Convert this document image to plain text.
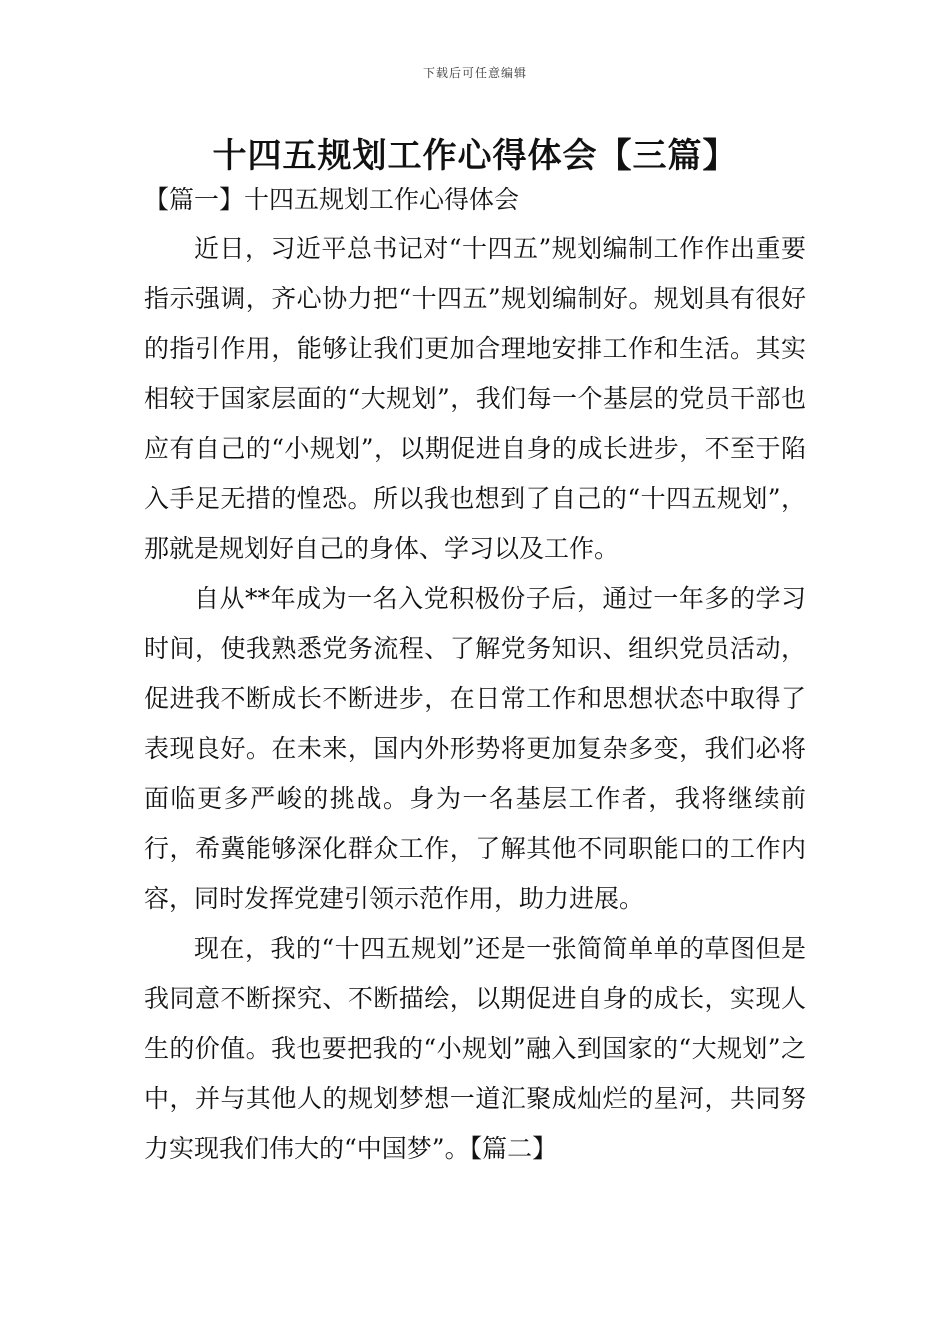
下载后可任意编辑
十四五规划工作心得体会【三篇】
【篇一】十四五规划工作心得体会

近日，习近平总书记对“十四五”规划编制工作作出重要指示强调，齐心协力把“十四五”规划编制好。规划具有很好的指引作用，能够让我们更加合理地安排工作和生活。其实相较于国家层面的“大规划”，我们每一个基层的党员干部也应有自己的“小规划”，以期促进自身的成长进步，不至于陷入手足无措的惶恐。所以我也想到了自己的“十四五规划”，那就是规划好自己的身体、学习以及工作。

自从**年成为一名入党积极份子后，通过一年多的学习时间，使我熟悉党务流程、了解党务知识、组织党员活动，促进我不断成长不断进步，在日常工作和思想状态中取得了表现良好。在未来，国内外形势将更加复杂多变，我们必将面临更多严峻的挑战。身为一名基层工作者，我将继续前行，希冀能够深化群众工作，了解其他不同职能口的工作内容，同时发挥党建引领示范作用，助力进展。

现在，我的“十四五规划”还是一张简简单单的草图但是我同意不断探究、不断描绘，以期促进自身的成长，实现人生的价值。我也要把我的“小规划”融入到国家的“大规划”之中，并与其他人的规划梦想一道汇聚成灿烂的星河，共同努力实现我们伟大的“中国梦”。【篇二】
